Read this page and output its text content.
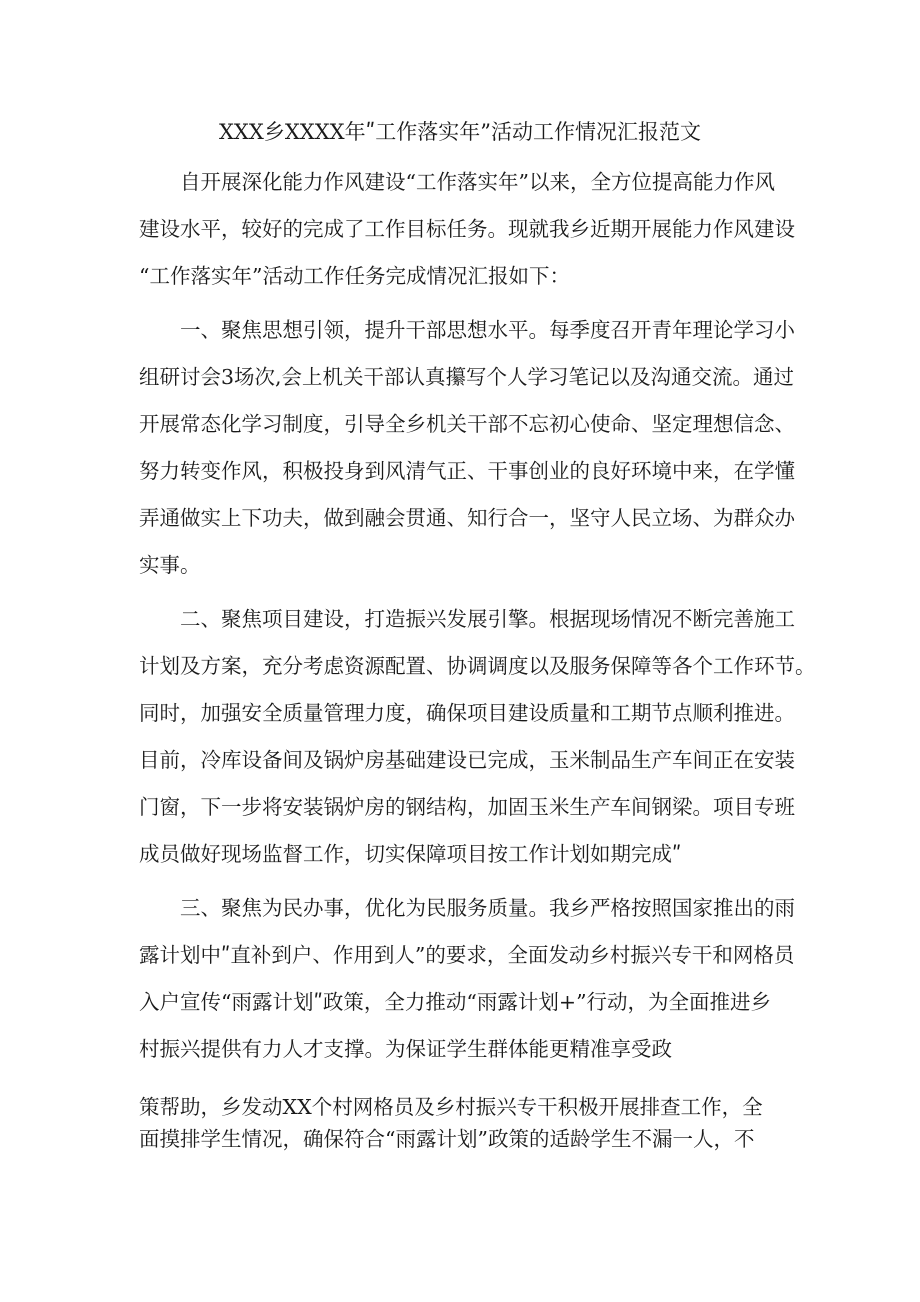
XXX乡XXXX年ʺ工作落实年”活动工作情况汇报范文
自开展深化能力作风建设“工作落实年”以来，全方位提高能力作风
建设水平，较好的完成了工作目标任务。现就我乡近期开展能力作风建设
“工作落实年”活动工作任务完成情况汇报如下：
一、聚焦思想引领，提升干部思想水平。每季度召开青年理论学习小
组研讨会3场次,会上机关干部认真攥写个人学习笔记以及沟通交流。通过
开展常态化学习制度，引导全乡机关干部不忘初心使命、坚定理想信念、
努力转变作风，积极投身到风清气正、干事创业的良好环境中来，在学懂
弄通做实上下功夫，做到融会贯通、知行合一，坚守人民立场、为群众办
实事。
二、聚焦项目建设，打造振兴发展引擎。根据现场情况不断完善施工
计划及方案，充分考虑资源配置、协调调度以及服务保障等各个工作环节。
同时，加强安全质量管理力度，确保项目建设质量和工期节点顺利推进。
目前，冷库设备间及锅炉房基础建设已完成，玉米制品生产车间正在安装
门窗，下一步将安装锅炉房的钢结构，加固玉米生产车间钢梁。项目专班
成员做好现场监督工作，切实保障项目按工作计划如期完成ʺ
三、聚焦为民办事，优化为民服务质量。我乡严格按照国家推出的雨
露计划中ʺ直补到户、作用到人”的要求，全面发动乡村振兴专干和网格员
入户宣传“雨露计划ʺ政策，全力推动“雨露计划+”行动，为全面推进乡
村振兴提供有力人才支撑。为保证学生群体能更精准享受政
策帮助，乡发动XX个村网格员及乡村振兴专干积极开展排查工作，全
面摸排学生情况，确保符合“雨露计划”政策的适龄学生不漏一人，不
